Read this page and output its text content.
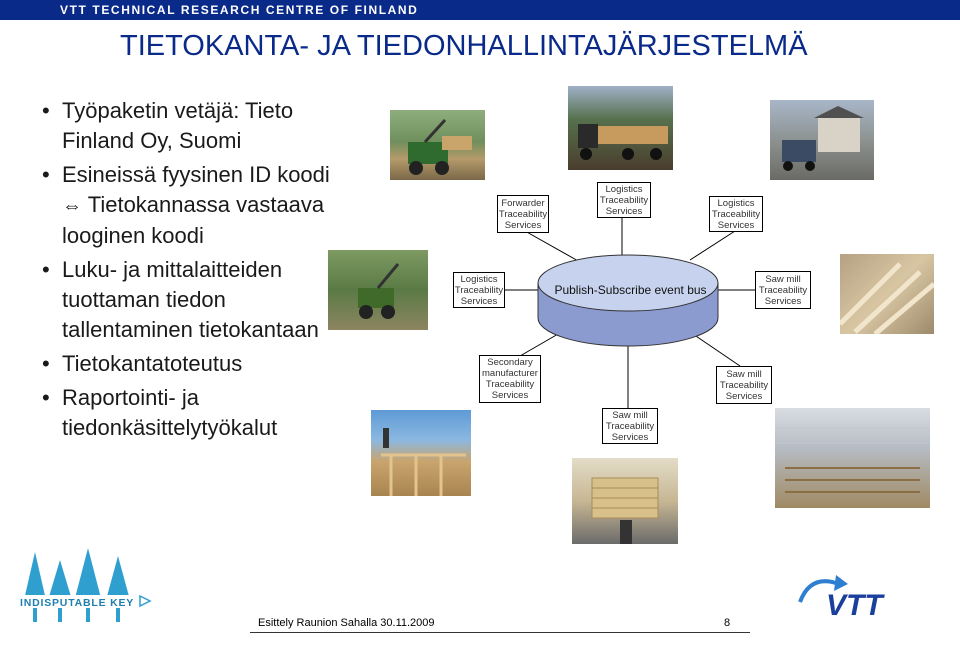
VTT TECHNICAL RESEARCH CENTRE OF FINLAND
TIETOKANTA- JA TIEDONHALLINTAJÄRJESTELMÄ
• Työpaketin vetäjä: Tieto Finland Oy, Suomi
• Esineissä fyysinen ID koodi ⇔ Tietokannassa vastaava looginen koodi
• Luku- ja mittalaitteiden tuottaman tiedon tallentaminen tietokantaan
• Tietokantatoteutus
• Raportointi- ja tiedonkäsittelytyökalut
INDISPUTABLE KEY	VTT
Publish-Subscribe event bus
Forwarder
Traceability
Services
Logistics
Traceability
Services
Logistics
Traceability
Services
Logistics
Traceability
Services
Saw mill
Traceability
Services
Secondary
manufacturer
Traceability
Services
Saw mill
Traceability
Services
Saw mill
Traceability
Services
Esittely Raunion Sahalla 30.11.2009	8
